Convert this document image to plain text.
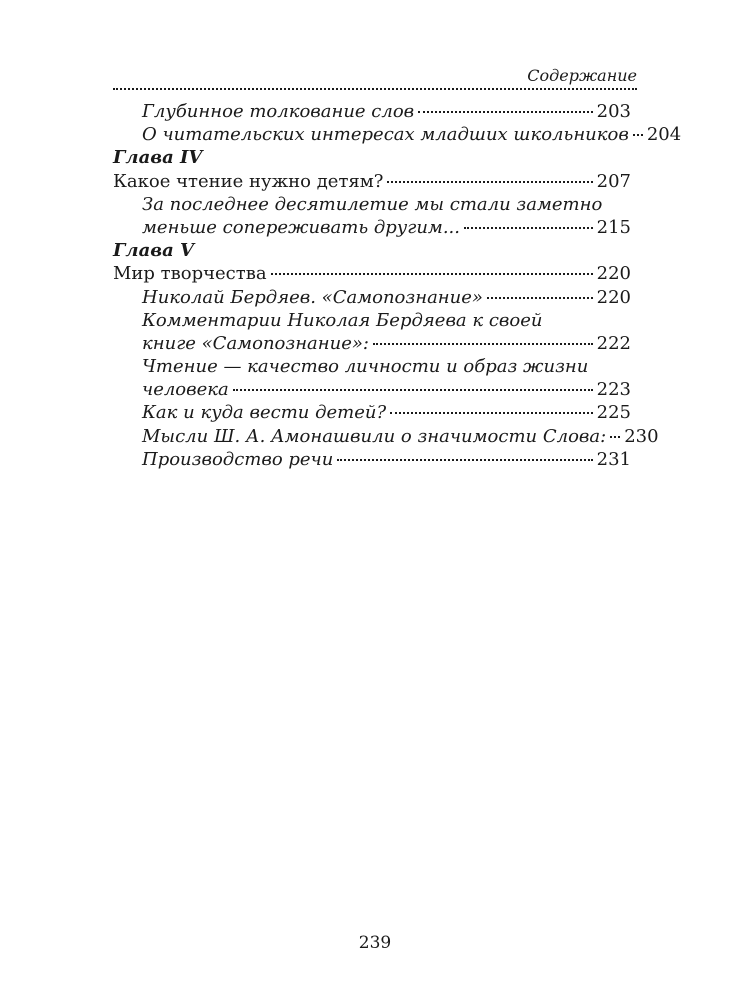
Содержание
Глубинное толкование слов	203
О читательских интересах младших школьников 204
Глава IV
Какое чтение нужно детям?	207
За последнее десятилетие мы стали заметно
меньше сопереживать другим...	215
Глава V
Мир творчества	220
Николай Бердяев. «Самопознание»	220
Комментарии Николая Бердяева к своей
книге «Самопознание»:	222
Чтение — качество личности и образ жизни
человека	223
Как и куда вести детей?	225
Мысли Ш. А. Амонашвили о значимости Слова: 230
Производство речи	231
239
